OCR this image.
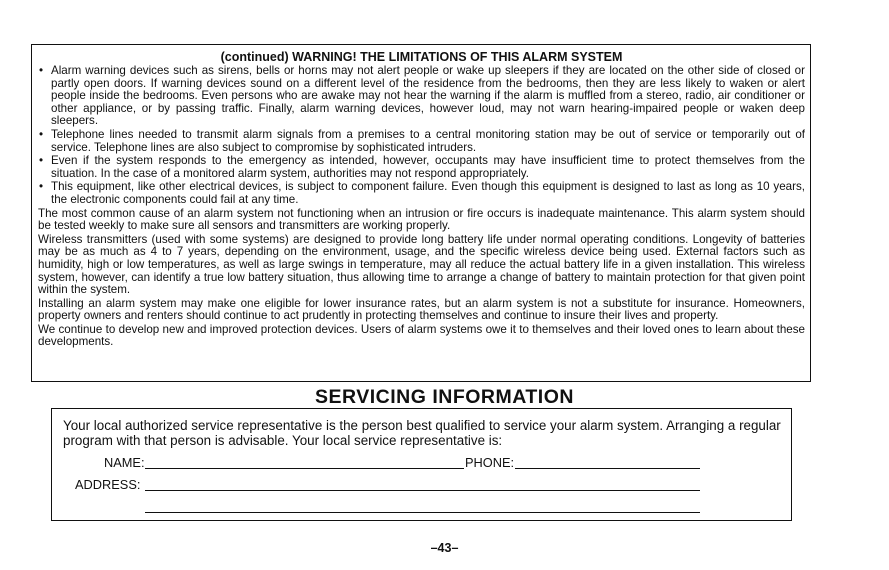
(continued) WARNING! THE LIMITATIONS OF THIS ALARM SYSTEM
• Alarm warning devices such as sirens, bells or horns may not alert people or wake up sleepers if they are located on the other side of closed or partly open doors. If warning devices sound on a different level of the residence from the bedrooms, then they are less likely to waken or alert people inside the bedrooms. Even persons who are awake may not hear the warning if the alarm is muffled from a stereo, radio, air conditioner or other appliance, or by passing traffic. Finally, alarm warning devices, however loud, may not warn hearing-impaired people or waken deep sleepers.
• Telephone lines needed to transmit alarm signals from a premises to a central monitoring station may be out of service or temporarily out of service. Telephone lines are also subject to compromise by sophisticated intruders.
• Even if the system responds to the emergency as intended, however, occupants may have insufficient time to protect themselves from the situation. In the case of a monitored alarm system, authorities may not respond appropriately.
• This equipment, like other electrical devices, is subject to component failure. Even though this equipment is designed to last as long as 10 years, the electronic components could fail at any time.

The most common cause of an alarm system not functioning when an intrusion or fire occurs is inadequate maintenance. This alarm system should be tested weekly to make sure all sensors and transmitters are working properly.

Wireless transmitters (used with some systems) are designed to provide long battery life under normal operating conditions. Longevity of batteries may be as much as 4 to 7 years, depending on the environment, usage, and the specific wireless device being used. External factors such as humidity, high or low temperatures, as well as large swings in temperature, may all reduce the actual battery life in a given installation. This wireless system, however, can identify a true low battery situation, thus allowing time to arrange a change of battery to maintain protection for that given point within the system.

Installing an alarm system may make one eligible for lower insurance rates, but an alarm system is not a substitute for insurance. Homeowners, property owners and renters should continue to act prudently in protecting themselves and continue to insure their lives and property.

We continue to develop new and improved protection devices. Users of alarm systems owe it to themselves and their loved ones to learn about these developments.

SERVICING INFORMATION
Your local authorized service representative is the person best qualified to service your alarm system. Arranging a regular program with that person is advisable. Your local service representative is:
NAME:	PHONE:
ADDRESS:
–43–
